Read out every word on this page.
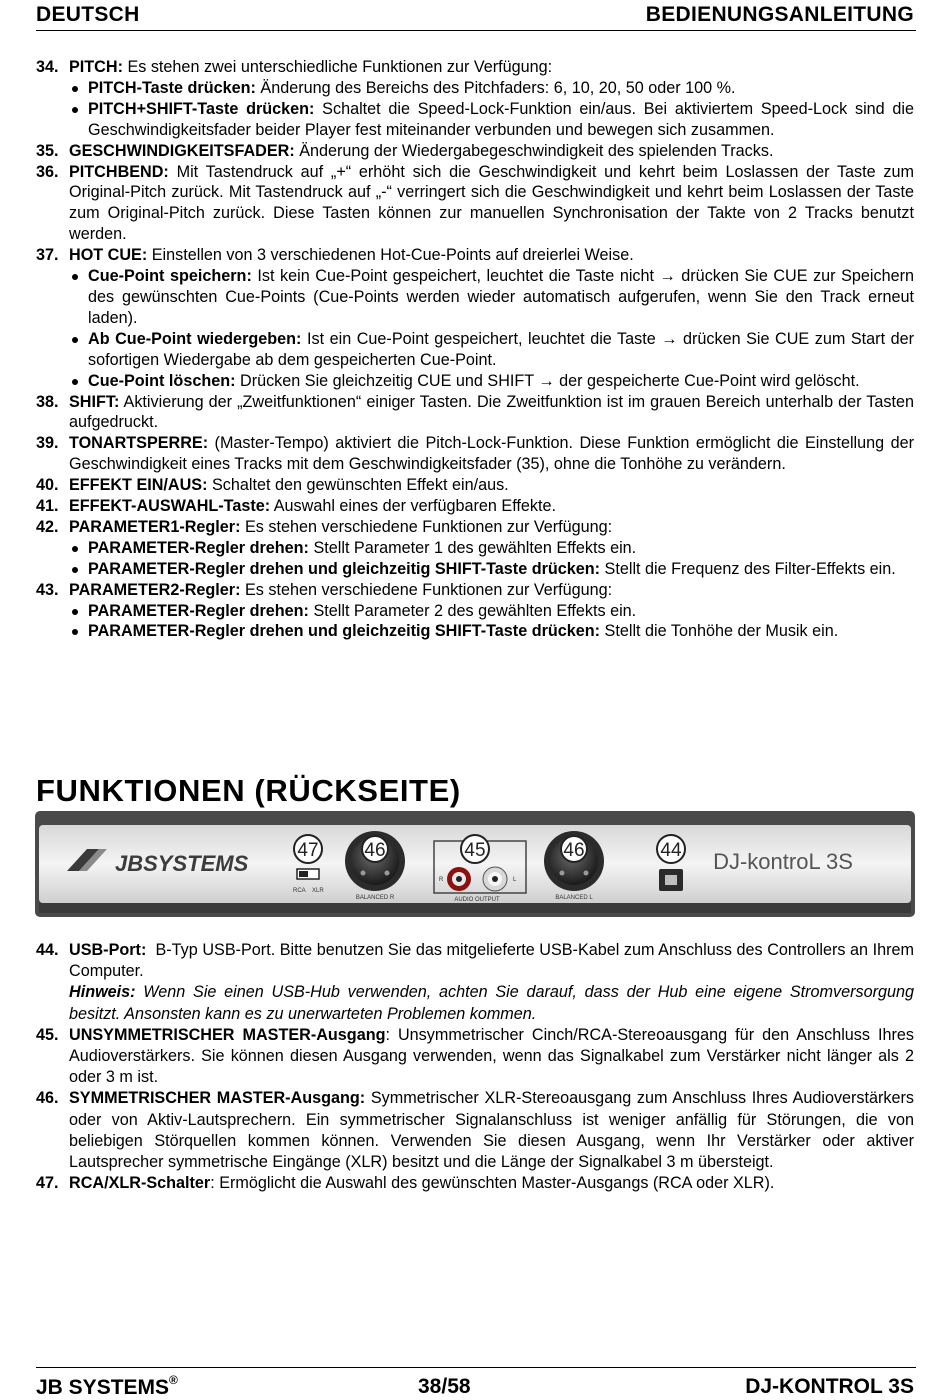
DEUTSCH	BEDIENUNGSANLEITUNG
34. PITCH: Es stehen zwei unterschiedliche Funktionen zur Verfügung:
PITCH-Taste drücken: Änderung des Bereichs des Pitchfaders: 6, 10, 20, 50 oder 100 %.
PITCH+SHIFT-Taste drücken: Schaltet die Speed-Lock-Funktion ein/aus. Bei aktiviertem Speed-Lock sind die Geschwindigkeitsfader beider Player fest miteinander verbunden und bewegen sich zusammen.
35. GESCHWINDIGKEITSFADER: Änderung der Wiedergabegeschwindigkeit des spielenden Tracks.
36. PITCHBEND: Mit Tastendruck auf „+“ erhöht sich die Geschwindigkeit und kehrt beim Loslassen der Taste zum Original-Pitch zurück. Mit Tastendruck auf „-“ verringert sich die Geschwindigkeit und kehrt beim Loslassen der Taste zum Original-Pitch zurück. Diese Tasten können zur manuellen Synchronisation der Takte von 2 Tracks benutzt werden.
37. HOT CUE: Einstellen von 3 verschiedenen Hot-Cue-Points auf dreierlei Weise.
Cue-Point speichern: Ist kein Cue-Point gespeichert, leuchtet die Taste nicht → drücken Sie CUE zur Speichern des gewünschten Cue-Points (Cue-Points werden wieder automatisch aufgerufen, wenn Sie den Track erneut laden).
Ab Cue-Point wiedergeben: Ist ein Cue-Point gespeichert, leuchtet die Taste → drücken Sie CUE zum Start der sofortigen Wiedergabe ab dem gespeicherten Cue-Point.
Cue-Point löschen: Drücken Sie gleichzeitig CUE und SHIFT → der gespeicherte Cue-Point wird gelöscht.
38. SHIFT: Aktivierung der „Zweitfunktionen“ einiger Tasten. Die Zweitfunktion ist im grauen Bereich unterhalb der Tasten aufgedruckt.
39. TONARTSPERRE: (Master-Tempo) aktiviert die Pitch-Lock-Funktion. Diese Funktion ermöglicht die Einstellung der Geschwindigkeit eines Tracks mit dem Geschwindigkeitsfader (35), ohne die Tonhöhe zu verändern.
40. EFFEKT EIN/AUS: Schaltet den gewünschten Effekt ein/aus.
41. EFFEKT-AUSWAHL-Taste: Auswahl eines der verfügbaren Effekte.
42. PARAMETER1-Regler: Es stehen verschiedene Funktionen zur Verfügung:
PARAMETER-Regler drehen: Stellt Parameter 1 des gewählten Effekts ein.
PARAMETER-Regler drehen und gleichzeitig SHIFT-Taste drücken: Stellt die Frequenz des Filter-Effekts ein.
43. PARAMETER2-Regler: Es stehen verschiedene Funktionen zur Verfügung:
PARAMETER-Regler drehen: Stellt Parameter 2 des gewählten Effekts ein.
PARAMETER-Regler drehen und gleichzeitig SHIFT-Taste drücken: Stellt die Tonhöhe der Musik ein.
FUNKTIONEN (RÜCKSEITE)
JBSYSTEMS
47
RCA XLR
46
BALANCED R
45
R	L
AUDIO OUTPUT
46
BALANCED L
44 DJ-kontroL 3S
44. USB-Port:  B-Typ USB-Port. Bitte benutzen Sie das mitgelieferte USB-Kabel zum Anschluss des Controllers an Ihrem Computer.
Hinweis: Wenn Sie einen USB-Hub verwenden, achten Sie darauf, dass der Hub eine eigene Stromversorgung besitzt. Ansonsten kann es zu unerwarteten Problemen kommen.
45. UNSYMMETRISCHER MASTER-Ausgang: Unsymmetrischer Cinch/RCA-Stereoausgang für den Anschluss Ihres Audioverstärkers. Sie können diesen Ausgang verwenden, wenn das Signalkabel zum Verstärker nicht länger als 2 oder 3 m ist.
46. SYMMETRISCHER MASTER-Ausgang: Symmetrischer XLR-Stereoausgang zum Anschluss Ihres Audioverstärkers oder von Aktiv-Lautsprechern. Ein symmetrischer Signalanschluss ist weniger anfällig für Störungen, die von beliebigen Störquellen kommen können. Verwenden Sie diesen Ausgang, wenn Ihr Verstärker oder aktiver Lautsprecher symmetrische Eingänge (XLR) besitzt und die Länge der Signalkabel 3 m übersteigt.
47. RCA/XLR-Schalter: Ermöglicht die Auswahl des gewünschten Master-Ausgangs (RCA oder XLR).
JB SYSTEMS®	38/58	DJ-KONTROL 3S
